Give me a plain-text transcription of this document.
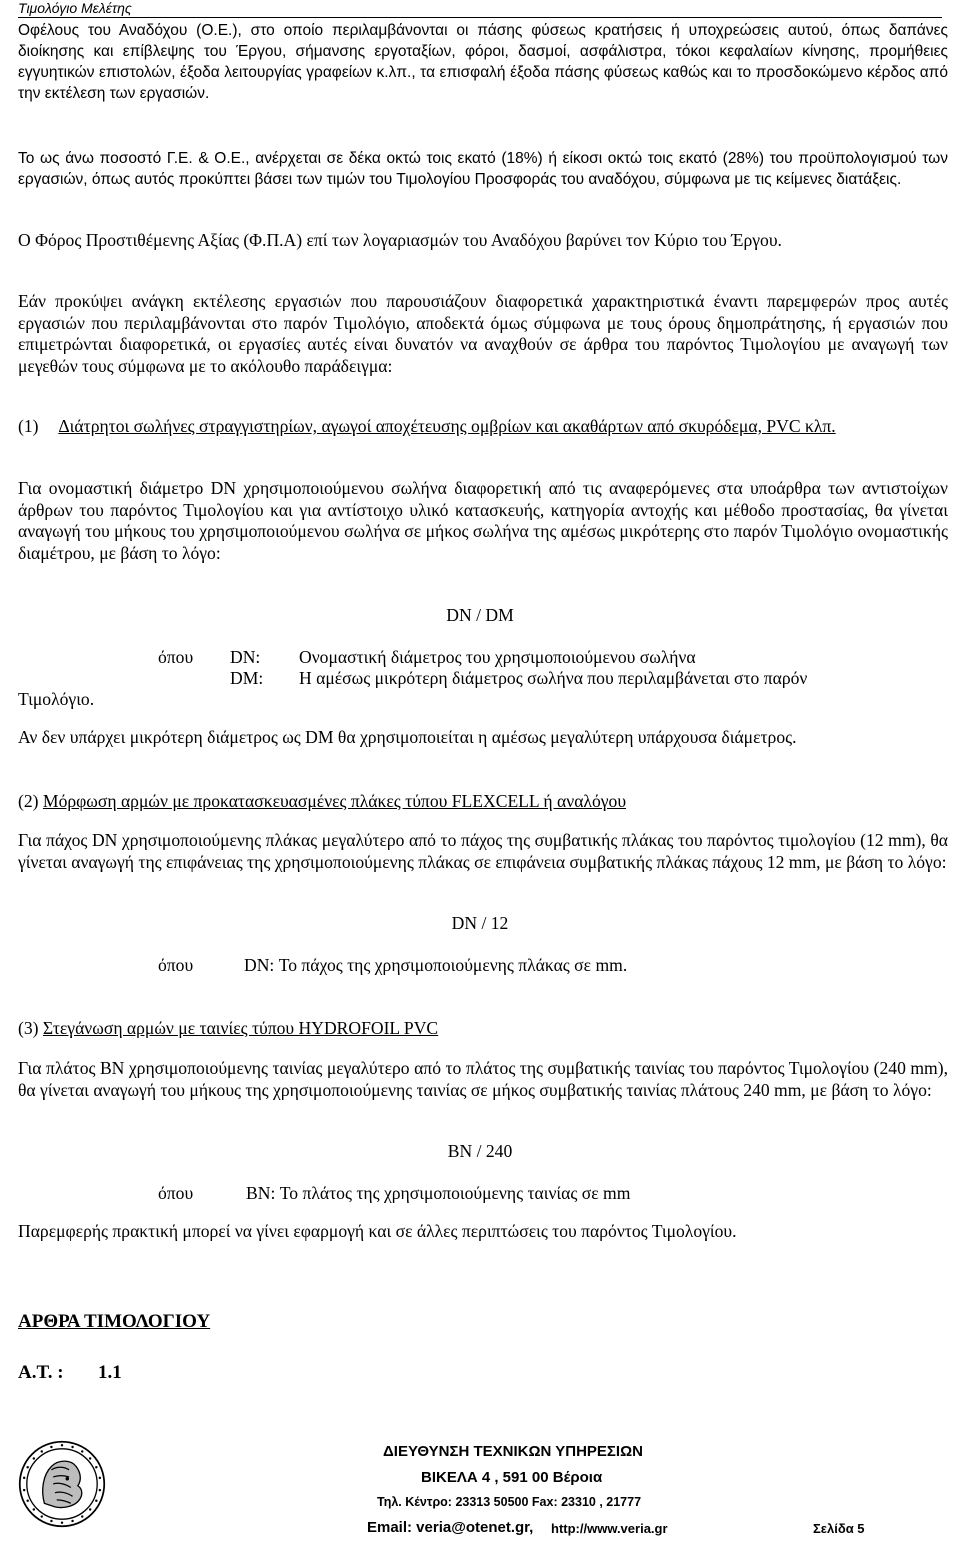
Τιμολόγιο Μελέτης
Οφέλους του Αναδόχου (Ο.Ε.), στο οποίο περιλαμβάνονται οι πάσης φύσεως κρατήσεις ή υποχρεώσεις αυτού, όπως δαπάνες διοίκησης και επίβλεψης του Έργου, σήμανσης εργοταξίων, φόροι, δασμοί, ασφάλιστρα, τόκοι κεφαλαίων κίνησης, προμήθειες εγγυητικών επιστολών, έξοδα λειτουργίας γραφείων κ.λπ., τα επισφαλή έξοδα πάσης φύσεως καθώς και το προσδοκώμενο κέρδος από την εκτέλεση των εργασιών.
Το ως άνω ποσοστό Γ.Ε. & Ο.Ε., ανέρχεται σε δέκα οκτώ τοις εκατό (18%) ή είκοσι οκτώ τοις εκατό (28%) του προϋπολογισμού των εργασιών, όπως αυτός προκύπτει βάσει των τιμών του Τιμολογίου Προσφοράς του αναδόχου, σύμφωνα με τις κείμενες διατάξεις.
Ο Φόρος Προστιθέμενης Αξίας (Φ.Π.Α) επί των λογαριασμών του Αναδόχου βαρύνει τον Κύριο του Έργου.
Εάν προκύψει ανάγκη εκτέλεσης εργασιών που παρουσιάζουν διαφορετικά χαρακτηριστικά έναντι παρεμφερών προς αυτές εργασιών που περιλαμβάνονται στο παρόν Τιμολόγιο, αποδεκτά όμως σύμφωνα με τους όρους δημοπράτησης, ή εργασιών που επιμετρώνται διαφορετικά, οι εργασίες αυτές είναι δυνατόν να αναχθούν σε άρθρα του παρόντος Τιμολογίου με αναγωγή των μεγεθών τους σύμφωνα με το ακόλουθο παράδειγμα:
(1) Διάτρητοι σωλήνες στραγγιστηρίων, αγωγοί αποχέτευσης ομβρίων και ακαθάρτων από σκυρόδεμα, PVC κλπ.
Για ονομαστική διάμετρο DN χρησιμοποιούμενου σωλήνα διαφορετική από τις αναφερόμενες στα υποάρθρα των αντιστοίχων άρθρων του παρόντος Τιμολογίου και για αντίστοιχο υλικό κατασκευής, κατηγορία αντοχής και μέθοδο προστασίας, θα γίνεται αναγωγή του μήκους του χρησιμοποιούμενου σωλήνα σε μήκος σωλήνα της αμέσως μικρότερης στο παρόν Τιμολόγιο ονομαστικής διαμέτρου, με βάση το λόγο:
DN / DM
όπου DN: Ονομαστική διάμετρος του χρησιμοποιούμενου σωλήνα
DM: Η αμέσως μικρότερη διάμετρος σωλήνα που περιλαμβάνεται στο παρόν
Τιμολόγιο.
Αν δεν υπάρχει μικρότερη διάμετρος ως DM θα χρησιμοποιείται η αμέσως μεγαλύτερη υπάρχουσα διάμετρος.
(2) Μόρφωση αρμών με προκατασκευασμένες πλάκες τύπου FLEXCELL ή αναλόγου
Για πάχος DN χρησιμοποιούμενης πλάκας μεγαλύτερο από το πάχος της συμβατικής πλάκας του παρόντος τιμολογίου (12 mm), θα γίνεται αναγωγή της επιφάνειας της χρησιμοποιούμενης πλάκας σε επιφάνεια συμβατικής πλάκας πάχους 12 mm, με βάση το λόγο:
DN / 12
όπου	DN: Το πάχος της χρησιμοποιούμενης πλάκας σε mm.
(3) Στεγάνωση αρμών με ταινίες τύπου HYDROFOIL PVC
Για πλάτος BN χρησιμοποιούμενης ταινίας μεγαλύτερο από το πλάτος της συμβατικής ταινίας του παρόντος Τιμολογίου (240 mm), θα γίνεται αναγωγή του μήκους της χρησιμοποιούμενης ταινίας σε μήκος συμβατικής ταινίας πλάτους 240 mm, με βάση το λόγο:
BN / 240
όπου	BN: Το πλάτος της χρησιμοποιούμενης ταινίας σε mm
Παρεμφερής πρακτική μπορεί να γίνει εφαρμογή και σε άλλες περιπτώσεις του παρόντος Τιμολογίου.
ΑΡΘΡΑ ΤΙΜΟΛΟΓΙΟΥ
Α.Τ. : 1.1
ΔΙΕΥΘΥΝΣΗ ΤΕΧΝΙΚΩΝ ΥΠΗΡΕΣΙΩΝ
ΒΙΚΕΛΑ 4 , 591 00 Βέροια
Τηλ. Κέντρο: 23313 50500 Fax: 23310 , 21777
Email: veria@otenet.gr, http://www.veria.gr	Σελίδα 5
